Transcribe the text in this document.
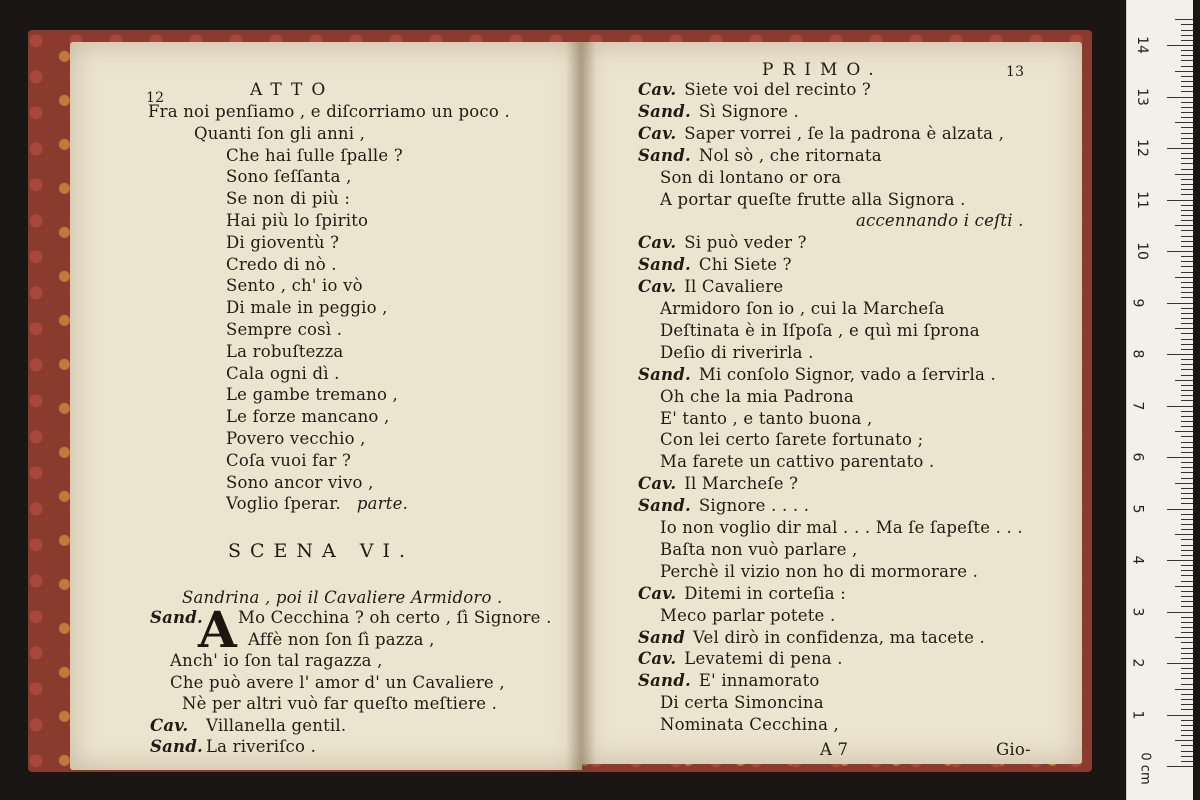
12	ATTO
SCENA VI.
Sandrina , poi il Cavaliere Armidoro .
A
Fra noi penſiamo , e diſcorriamo un poco .
Quanti ſon gli anni ,
Che hai ſulle ſpalle ?
Sono ſeſſanta ,
Se non di più :
Hai più lo ſpirito
Di gioventù ?
Credo di nò .
Sento , ch' io vò
Di male in peggio ,
Sempre così .
La robuſtezza
Cala ogni dì .
Le gambe tremano ,
Le forze mancano ,
Povero vecchio ,
Coſa vuoi far ?
Sono ancor vivo ,
Voglio ſperar. parte.
Sand. Mo Cecchina ? oh certo , ſì Signore .
Affè non ſon ſì pazza ,
Anch' io ſon tal ragazza ,
Che può avere l' amor d' un Cavaliere ,
Nè per altri vuò far queſto meſtiere .
Cav. Villanella gentil.
Sand. La riveriſco .
PRIMO.	13
Cav. Siete voi del recinto ?
Sand. Sì Signore .
Cav. Saper vorrei , ſe la padrona è alzata ,
Sand. Nol sò , che ritornata
Son di lontano or ora
A portar queſte frutte alla Signora .
accennando i ceſti .
Cav. Si può veder ?
Sand. Chi Siete ?
Cav. Il Cavaliere
Armidoro ſon io , cui la Marcheſa
Deſtinata è in Iſpoſa , e quì mi ſprona
Deſio di riverirla .
Sand. Mi conſolo Signor, vado a ſervirla .
Oh che la mia Padrona
E' tanto , e tanto buona ,
Con lei certo ſarete fortunato ;
Ma farete un cattivo parentato .
Cav. Il Marcheſe ?
Sand. Signore . . . .
Io non voglio dir mal . . . Ma ſe ſapeſte . . .
Baſta non vuò parlare ,
Perchè il vizio non ho di mormorare .
Cav. Ditemi in corteſia :
Meco parlar potete .
Sand Vel dirò in confidenza, ma tacete .
Cav. Levatemi di pena .
Sand. E' innamorato
Di certa Simoncina
Nominata Cecchina ,
A 7	Gio-
0 cm
1
2
3
4
5
6
7
8
9
10
11
12
13
14
